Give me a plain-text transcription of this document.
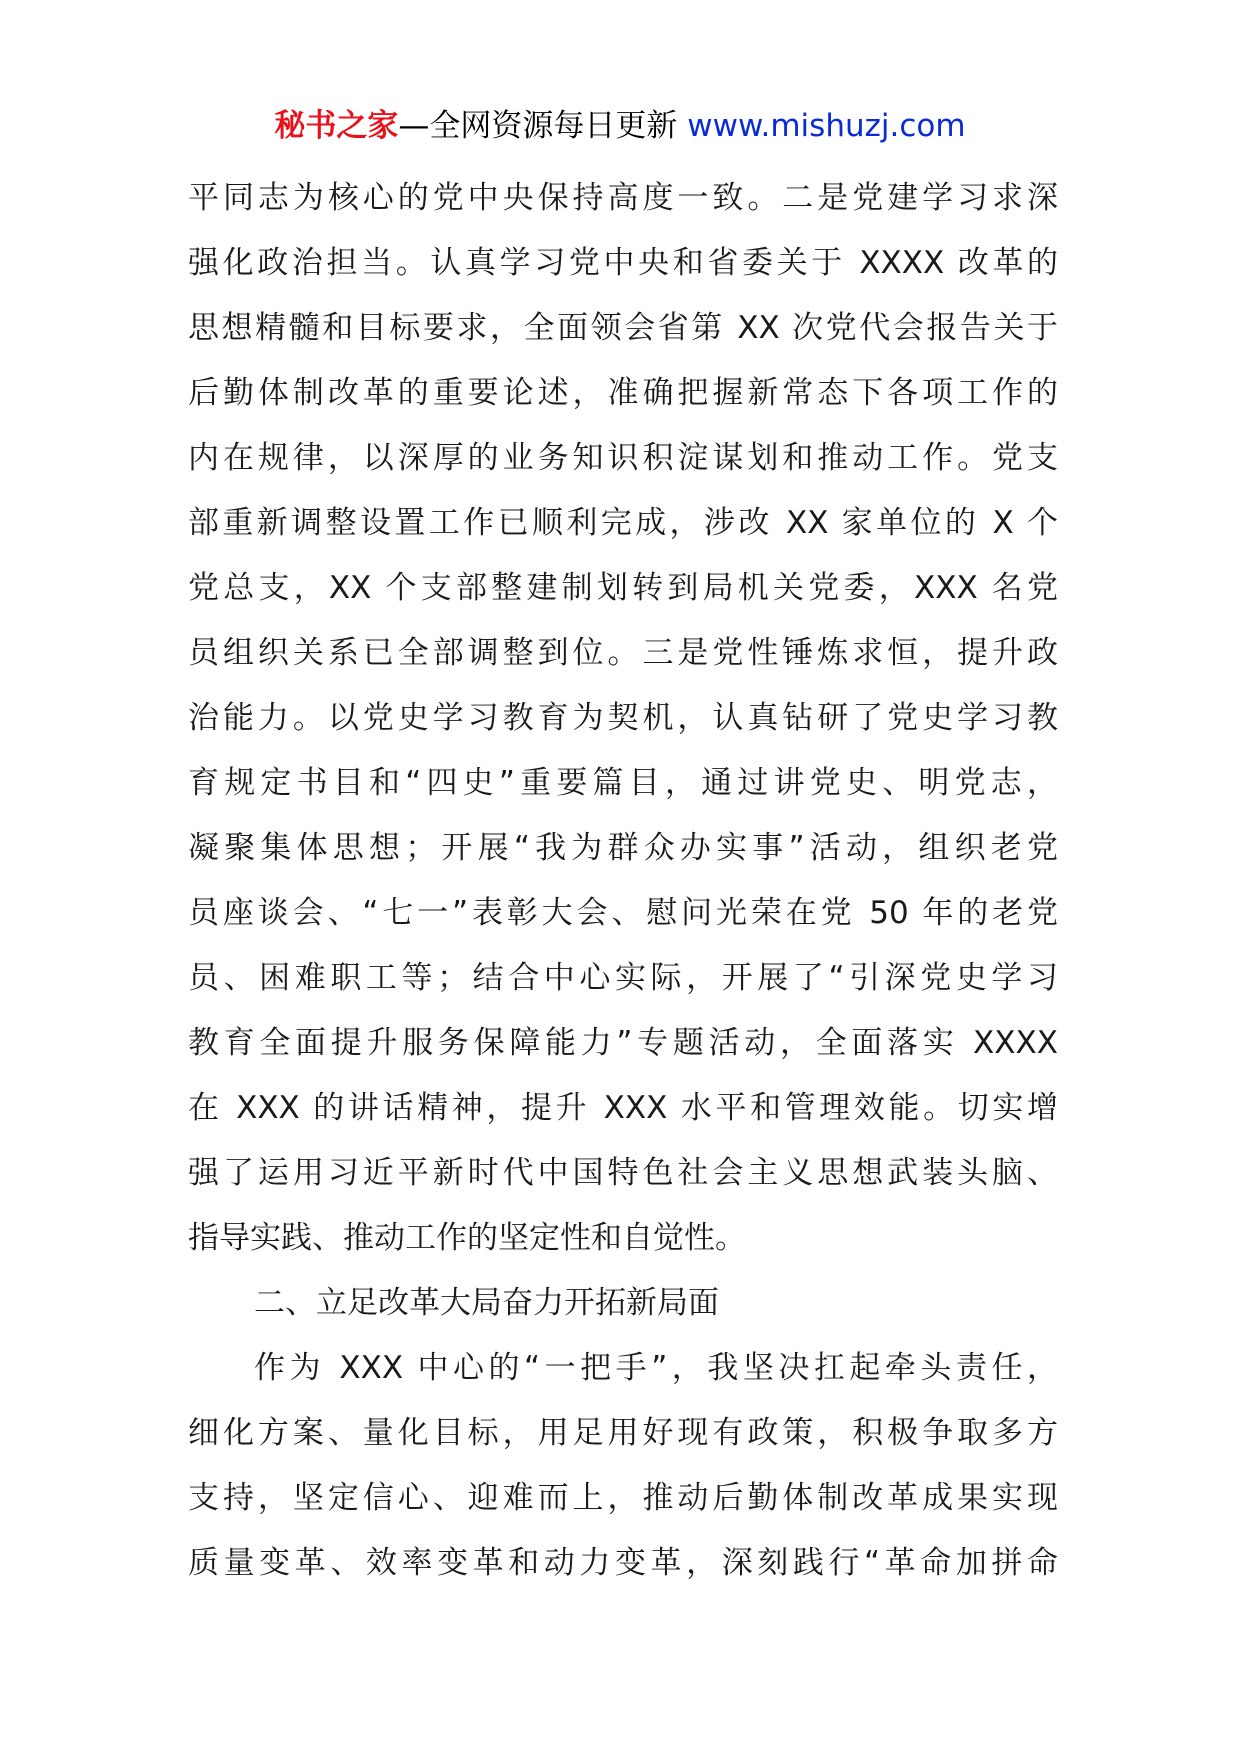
秘书之家—全网资源每日更新 www.mishuzj.com
平同志为核心的党中央保持高度一致。二是党建学习求深
强化政治担当。认真学习党中央和省委关于 XXXX 改革的
思想精髓和目标要求，全面领会省第 XX 次党代会报告关于
后勤体制改革的重要论述，准确把握新常态下各项工作的
内在规律，以深厚的业务知识积淀谋划和推动工作。党支
部重新调整设置工作已顺利完成，涉改 XX 家单位的 X 个
党总支，XX 个支部整建制划转到局机关党委，XXX 名党
员组织关系已全部调整到位。三是党性锤炼求恒，提升政
治能力。以党史学习教育为契机，认真钻研了党史学习教
育规定书目和“四史”重要篇目，通过讲党史、明党志，
凝聚集体思想；开展“我为群众办实事”活动，组织老党
员座谈会、“七一”表彰大会、慰问光荣在党 50 年的老党
员、困难职工等；结合中心实际，开展了“引深党史学习
教育全面提升服务保障能力”专题活动，全面落实 XXXX
在 XXX 的讲话精神，提升 XXX 水平和管理效能。切实增
强了运用习近平新时代中国特色社会主义思想武装头脑、
指导实践、推动工作的坚定性和自觉性。
二、立足改革大局奋力开拓新局面
作为 XXX 中心的“一把手”，我坚决扛起牵头责任，
细化方案、量化目标，用足用好现有政策，积极争取多方
支持，坚定信心、迎难而上，推动后勤体制改革成果实现
质量变革、效率变革和动力变革，深刻践行“革命加拼命
